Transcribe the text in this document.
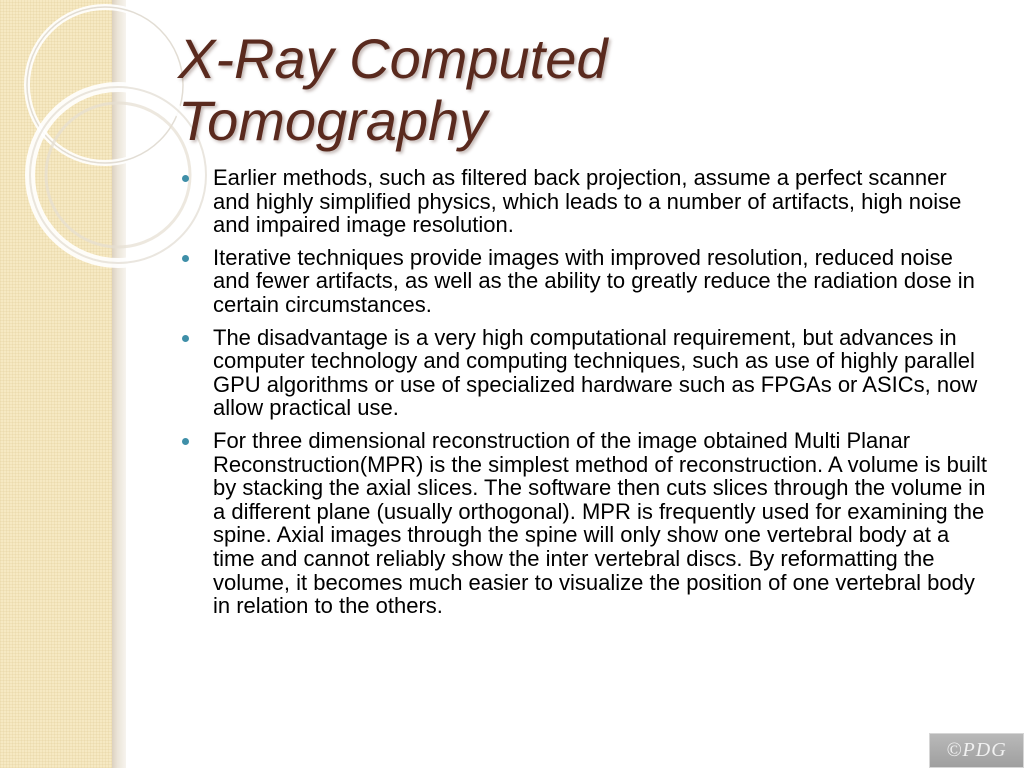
X-Ray Computed
Tomography
Earlier methods, such as filtered back projection, assume a perfect scanner and highly simplified physics, which leads to a number of artifacts, high noise and impaired image resolution.
Iterative techniques provide images with improved resolution, reduced noise and fewer artifacts, as well as the ability to greatly reduce the radiation dose in certain circumstances.
The disadvantage is a very high computational requirement, but advances in computer technology and computing techniques, such as use of highly parallel GPU algorithms or use of specialized hardware such as FPGAs or ASICs, now allow practical use.
For three dimensional reconstruction of the image obtained Multi Planar Reconstruction(MPR) is the simplest method of reconstruction. A volume is built by stacking the axial slices. The software then cuts slices through the volume in a different plane (usually orthogonal). MPR is frequently used for examining the spine. Axial images through the spine will only show one vertebral body at a time and cannot reliably show the inter vertebral discs. By reformatting the volume, it becomes much easier to visualize the position of one vertebral body in relation to the others.
©PDG
